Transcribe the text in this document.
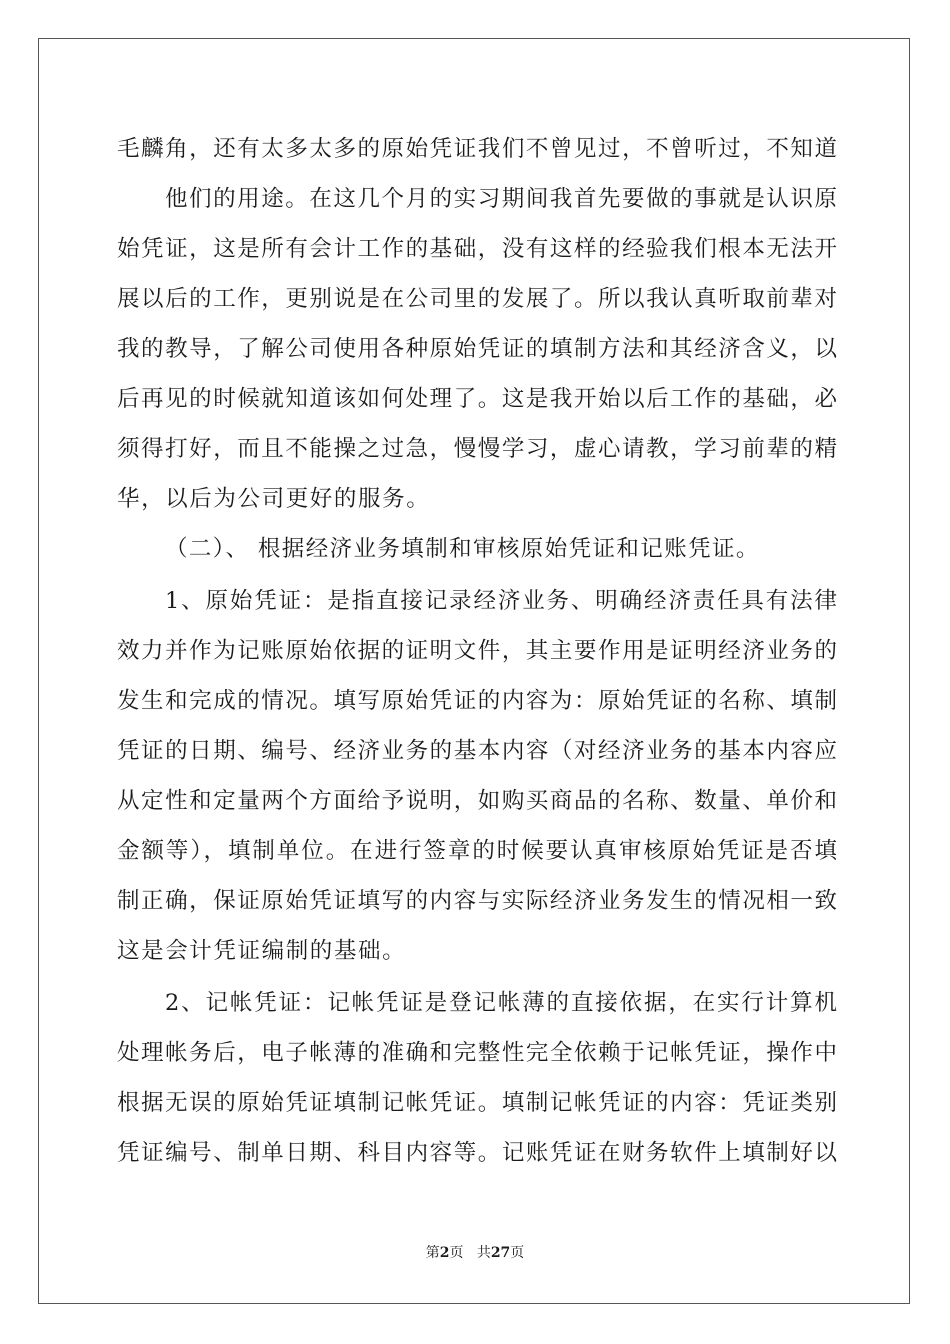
毛麟角，还有太多太多的原始凭证我们不曾见过，不曾听过，不知道
他们的用途。在这几个月的实习期间我首先要做的事就是认识原
始凭证，这是所有会计工作的基础，没有这样的经验我们根本无法开
展以后的工作，更别说是在公司里的发展了。所以我认真听取前辈对
我的教导，了解公司使用各种原始凭证的填制方法和其经济含义，以
后再见的时候就知道该如何处理了。这是我开始以后工作的基础，必
须得打好，而且不能操之过急，慢慢学习，虚心请教，学习前辈的精
华，以后为公司更好的服务。
（二）、 根据经济业务填制和审核原始凭证和记账凭证。
1、原始凭证：是指直接记录经济业务、明确经济责任具有法律
效力并作为记账原始依据的证明文件，其主要作用是证明经济业务的
发生和完成的情况。填写原始凭证的内容为：原始凭证的名称、填制
凭证的日期、编号、经济业务的基本内容（对经济业务的基本内容应
从定性和定量两个方面给予说明，如购买商品的名称、数量、单价和
金额等），填制单位。在进行签章的时候要认真审核原始凭证是否填
制正确，保证原始凭证填写的内容与实际经济业务发生的情况相一致
这是会计凭证编制的基础。
2、记帐凭证：记帐凭证是登记帐薄的直接依据，在实行计算机
处理帐务后，电子帐薄的准确和完整性完全依赖于记帐凭证，操作中
根据无误的原始凭证填制记帐凭证。填制记帐凭证的内容：凭证类别
凭证编号、制单日期、科目内容等。记账凭证在财务软件上填制好以
第2页 共27页
